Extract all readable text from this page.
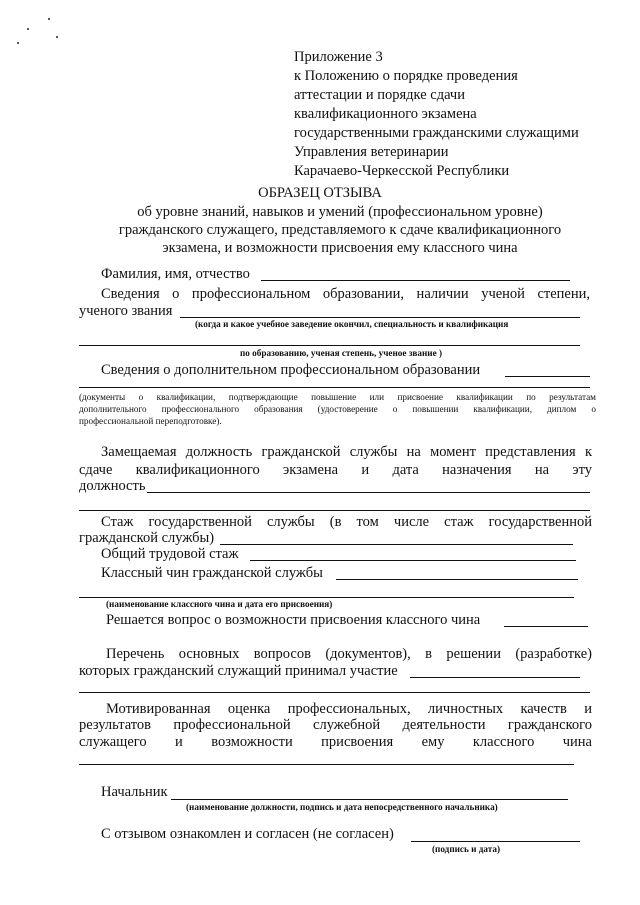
Приложение 3
к Положению о порядке проведения
аттестации и порядке сдачи
квалификационного экзамена
государственными гражданскими служащими
Управления ветеринарии
Карачаево-Черкесской Республики
ОБРАЗЕЦ ОТЗЫВА
об уровне знаний, навыков и умений (профессиональном уровне)
гражданского служащего, представляемого к сдаче квалификационного
экзамена, и возможности присвоения ему классного чина
Фамилия, имя, отчество
Сведения о профессиональном образовании, наличии ученой степени,
ученого звания
(когда и какое учебное заведение окончил, специальность и квалификация
по образованию, ученая степень, ученое звание )
Сведения о дополнительном профессиональном образовании
(документы о квалификации, подтверждающие повышение или присвоение квалификации по результатам
дополнительного профессионального образования (удостоверение о повышении квалификации, диплом о
профессиональной переподготовке).
Замещаемая должность гражданской службы на момент представления к
сдаче квалификационного экзамена и дата назначения на эту
должность
Стаж государственной службы (в том числе стаж государственной
гражданской службы)
Общий трудовой стаж
Классный чин гражданской службы
(наименование классного чина и дата его присвоения)
Решается вопрос о возможности присвоения классного чина
Перечень основных вопросов (документов), в решении (разработке)
которых гражданский служащий принимал участие
Мотивированная оценка профессиональных, личностных качеств и
результатов профессиональной служебной деятельности гражданского
служащего и возможности присвоения ему классного чина
Начальник
(наименование должности, подпись и дата непосредственного начальника)
С отзывом ознакомлен и согласен (не согласен)
(подпись и дата)
